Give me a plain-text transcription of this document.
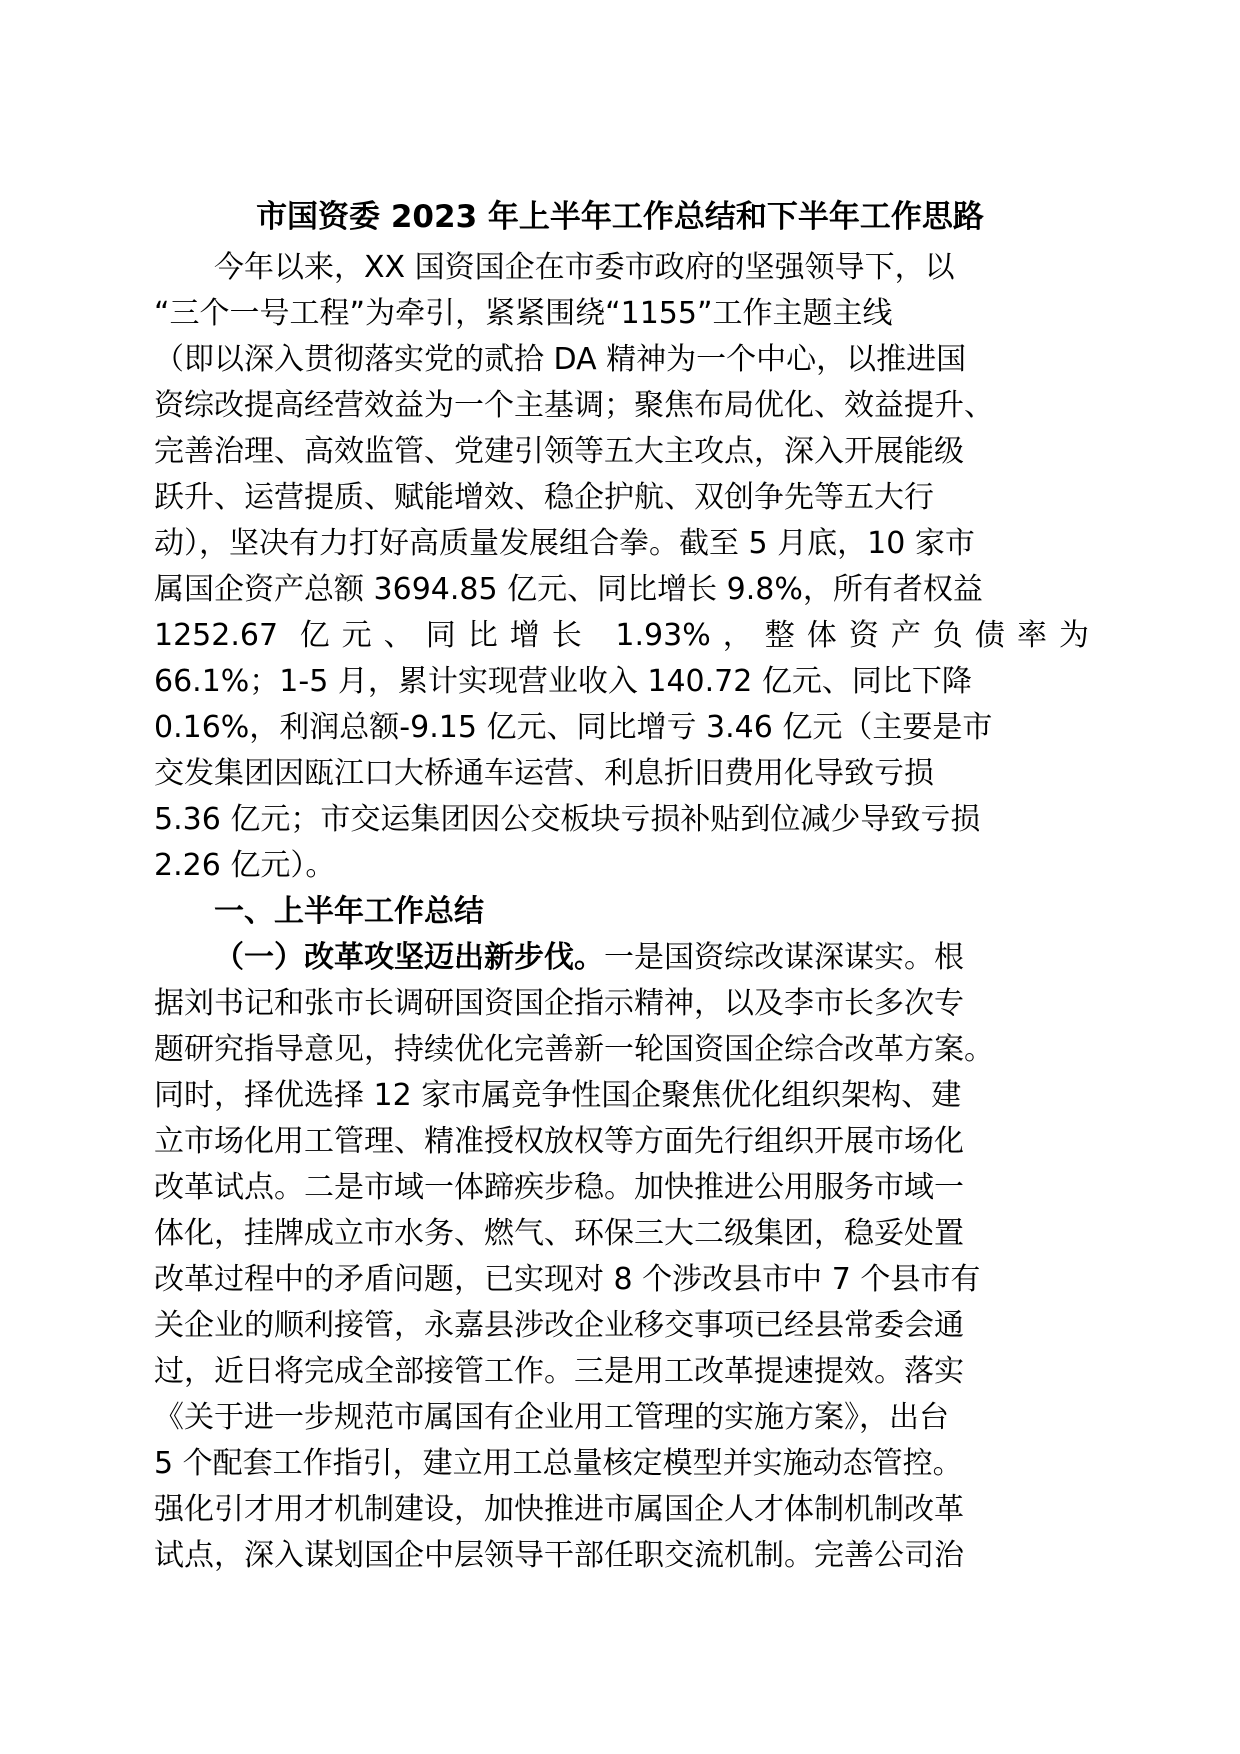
市国资委 2023 年上半年工作总结和下半年工作思路
今年以来，XX 国资国企在市委市政府的坚强领导下，以
“三个一号工程”为牵引，紧紧围绕“1155”工作主题主线
（即以深入贯彻落实党的贰拾 DA 精神为一个中心，以推进国
资综改提高经营效益为一个主基调；聚焦布局优化、效益提升、
完善治理、高效监管、党建引领等五大主攻点，深入开展能级
跃升、运营提质、赋能增效、稳企护航、双创争先等五大行
动），坚决有力打好高质量发展组合拳。截至 5 月底，10 家市
属国企资产总额 3694.85 亿元、同比增长 9.8%，所有者权益
1252.67 亿元、同比增长 1.93%，整体资产负债率为
66.1%；1-5 月，累计实现营业收入 140.72 亿元、同比下降
0.16%，利润总额-9.15 亿元、同比增亏 3.46 亿元（主要是市
交发集团因瓯江口大桥通车运营、利息折旧费用化导致亏损
5.36 亿元；市交运集团因公交板块亏损补贴到位减少导致亏损
2.26 亿元）。
一、上半年工作总结
（一）改革攻坚迈出新步伐。一是国资综改谋深谋实。根
据刘书记和张市长调研国资国企指示精神，以及李市长多次专
题研究指导意见，持续优化完善新一轮国资国企综合改革方案。
同时，择优选择 12 家市属竞争性国企聚焦优化组织架构、建
立市场化用工管理、精准授权放权等方面先行组织开展市场化
改革试点。二是市域一体蹄疾步稳。加快推进公用服务市域一
体化，挂牌成立市水务、燃气、环保三大二级集团，稳妥处置
改革过程中的矛盾问题，已实现对 8 个涉改县市中 7 个县市有
关企业的顺利接管，永嘉县涉改企业移交事项已经县常委会通
过，近日将完成全部接管工作。三是用工改革提速提效。落实
《关于进一步规范市属国有企业用工管理的实施方案》，出台
5 个配套工作指引，建立用工总量核定模型并实施动态管控。
强化引才用才机制建设，加快推进市属国企人才体制机制改革
试点，深入谋划国企中层领导干部任职交流机制。完善公司治
